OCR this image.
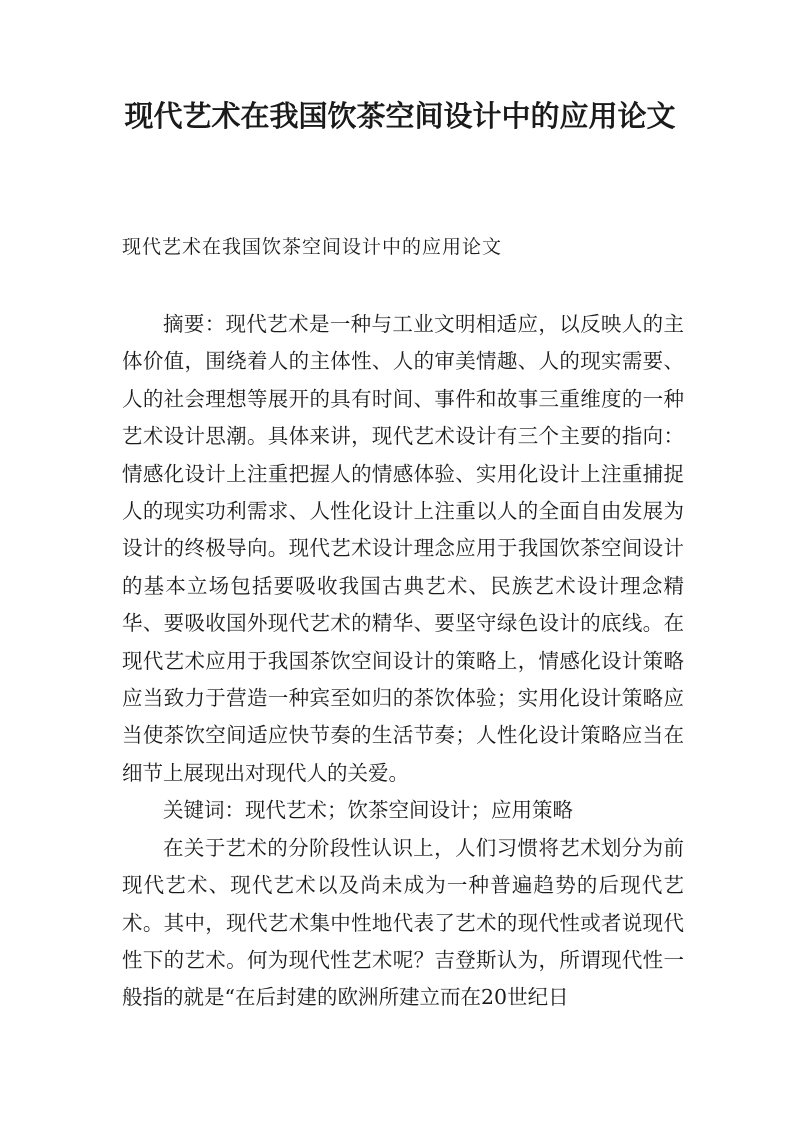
现代艺术在我国饮茶空间设计中的应用论文
现代艺术在我国饮茶空间设计中的应用论文

摘要：现代艺术是一种与工业文明相适应，以反映人的主体价值，围绕着人的主体性、人的审美情趣、人的现实需要、人的社会理想等展开的具有时间、事件和故事三重维度的一种艺术设计思潮。具体来讲，现代艺术设计有三个主要的指向：情感化设计上注重把握人的情感体验、实用化设计上注重捕捉人的现实功利需求、人性化设计上注重以人的全面自由发展为设计的终极导向。现代艺术设计理念应用于我国饮茶空间设计的基本立场包括要吸收我国古典艺术、民族艺术设计理念精华、要吸收国外现代艺术的精华、要坚守绿色设计的底线。在现代艺术应用于我国茶饮空间设计的策略上，情感化设计策略应当致力于营造一种宾至如归的茶饮体验；实用化设计策略应当使茶饮空间适应快节奏的生活节奏；人性化设计策略应当在细节上展现出对现代人的关爱。

关键词：现代艺术；饮茶空间设计；应用策略

在关于艺术的分阶段性认识上，人们习惯将艺术划分为前现代艺术、现代艺术以及尚未成为一种普遍趋势的后现代艺术。其中，现代艺术集中性地代表了艺术的现代性或者说现代性下的艺术。何为现代性艺术呢？吉登斯认为，所谓现代性一般指的就是“在后封建的欧洲所建立而在20世纪日
